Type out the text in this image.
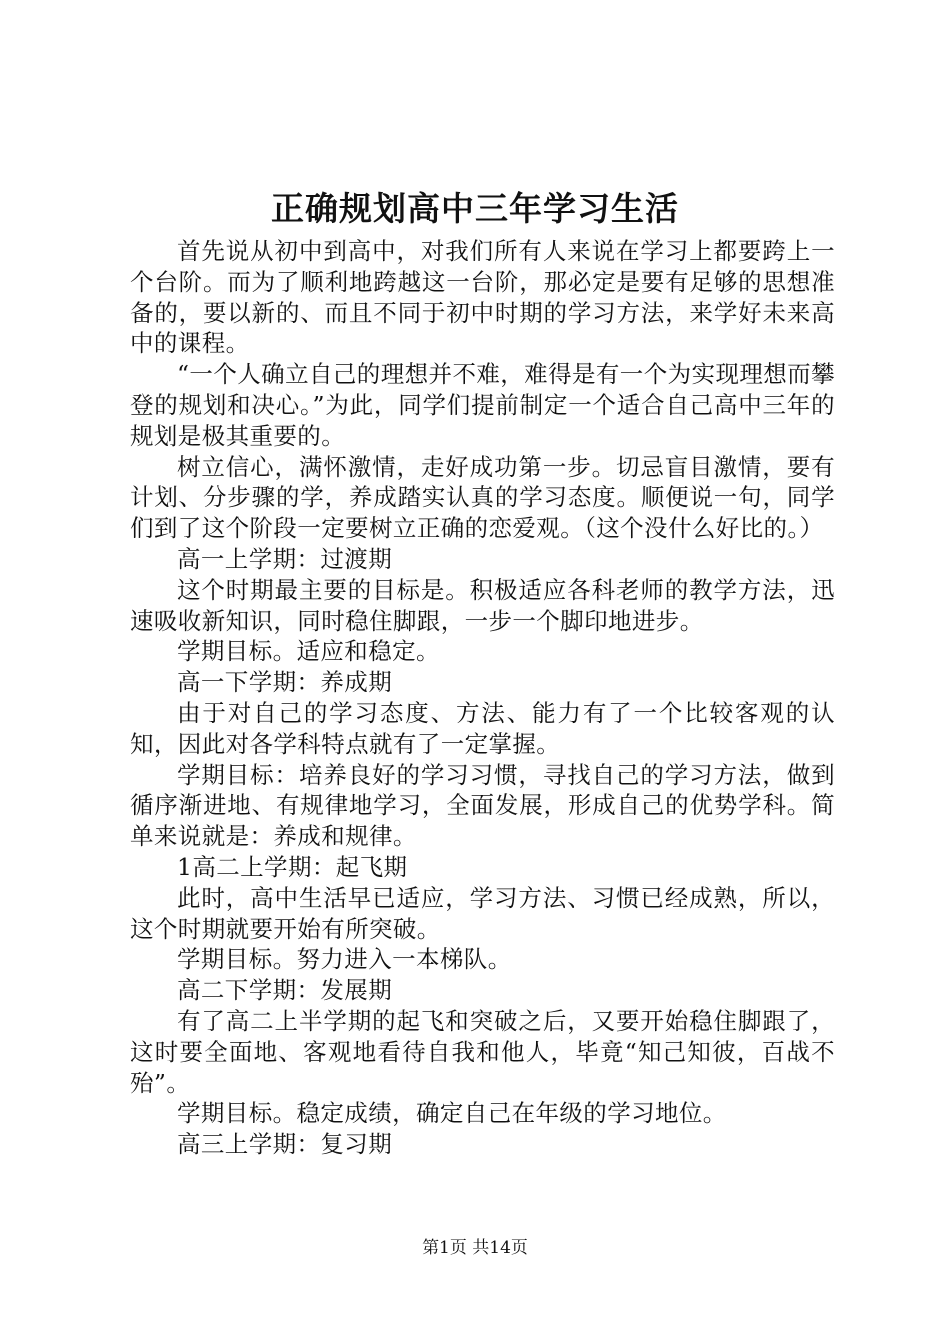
正确规划高中三年学习生活

首先说从初中到高中，对我们所有人来说在学习上都要跨上一个台阶。而为了顺利地跨越这一台阶，那必定是要有足够的思想准备的，要以新的、而且不同于初中时期的学习方法，来学好未来高中的课程。

“一个人确立自己的理想并不难，难得是有一个为实现理想而攀登的规划和决心。”为此，同学们提前制定一个适合自己高中三年的规划是极其重要的。

树立信心，满怀激情，走好成功第一步。切忌盲目激情，要有计划、分步骤的学，养成踏实认真的学习态度。顺便说一句，同学们到了这个阶段一定要树立正确的恋爱观。（这个没什么好比的。）

高一上学期：过渡期

这个时期最主要的目标是。积极适应各科老师的教学方法，迅速吸收新知识，同时稳住脚跟，一步一个脚印地进步。

学期目标。适应和稳定。

高一下学期：养成期

由于对自己的学习态度、方法、能力有了一个比较客观的认知，因此对各学科特点就有了一定掌握。

学期目标：培养良好的学习习惯，寻找自己的学习方法，做到循序渐进地、有规律地学习，全面发展，形成自己的优势学科。简单来说就是：养成和规律。

1高二上学期：起飞期

此时，高中生活早已适应，学习方法、习惯已经成熟，所以，这个时期就要开始有所突破。

学期目标。努力进入一本梯队。

高二下学期：发展期

有了高二上半学期的起飞和突破之后，又要开始稳住脚跟了，这时要全面地、客观地看待自我和他人，毕竟“知己知彼，百战不殆”。

学期目标。稳定成绩，确定自己在年级的学习地位。

高三上学期：复习期

第1页 共14页
